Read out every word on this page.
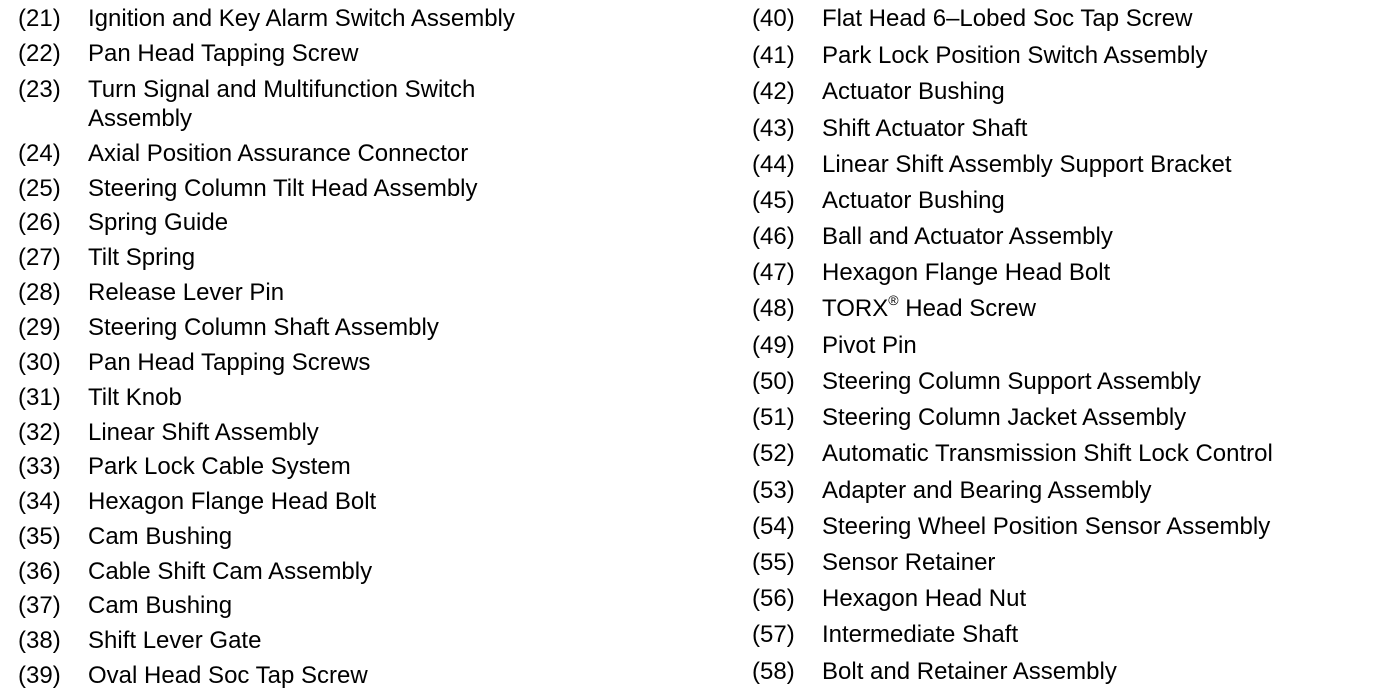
(21) Ignition and Key Alarm Switch Assembly
(22) Pan Head Tapping Screw
(23) Turn Signal and Multifunction Switch
Assembly
(24) Axial Position Assurance Connector
(25) Steering Column Tilt Head Assembly
(26) Spring Guide
(27) Tilt Spring
(28) Release Lever Pin
(29) Steering Column Shaft Assembly
(30) Pan Head Tapping Screws
(31) Tilt Knob
(32) Linear Shift Assembly
(33) Park Lock Cable System
(34) Hexagon Flange Head Bolt
(35) Cam Bushing
(36) Cable Shift Cam Assembly
(37) Cam Bushing
(38) Shift Lever Gate
(39) Oval Head Soc Tap Screw
(40) Flat Head 6–Lobed Soc Tap Screw
(41) Park Lock Position Switch Assembly
(42) Actuator Bushing
(43) Shift Actuator Shaft
(44) Linear Shift Assembly Support Bracket
(45) Actuator Bushing
(46) Ball and Actuator Assembly
(47) Hexagon Flange Head Bolt
(48) TORX® Head Screw
(49) Pivot Pin
(50) Steering Column Support Assembly
(51) Steering Column Jacket Assembly
(52) Automatic Transmission Shift Lock Control
(53) Adapter and Bearing Assembly
(54) Steering Wheel Position Sensor Assembly
(55) Sensor Retainer
(56) Hexagon Head Nut
(57) Intermediate Shaft
(58) Bolt and Retainer Assembly
